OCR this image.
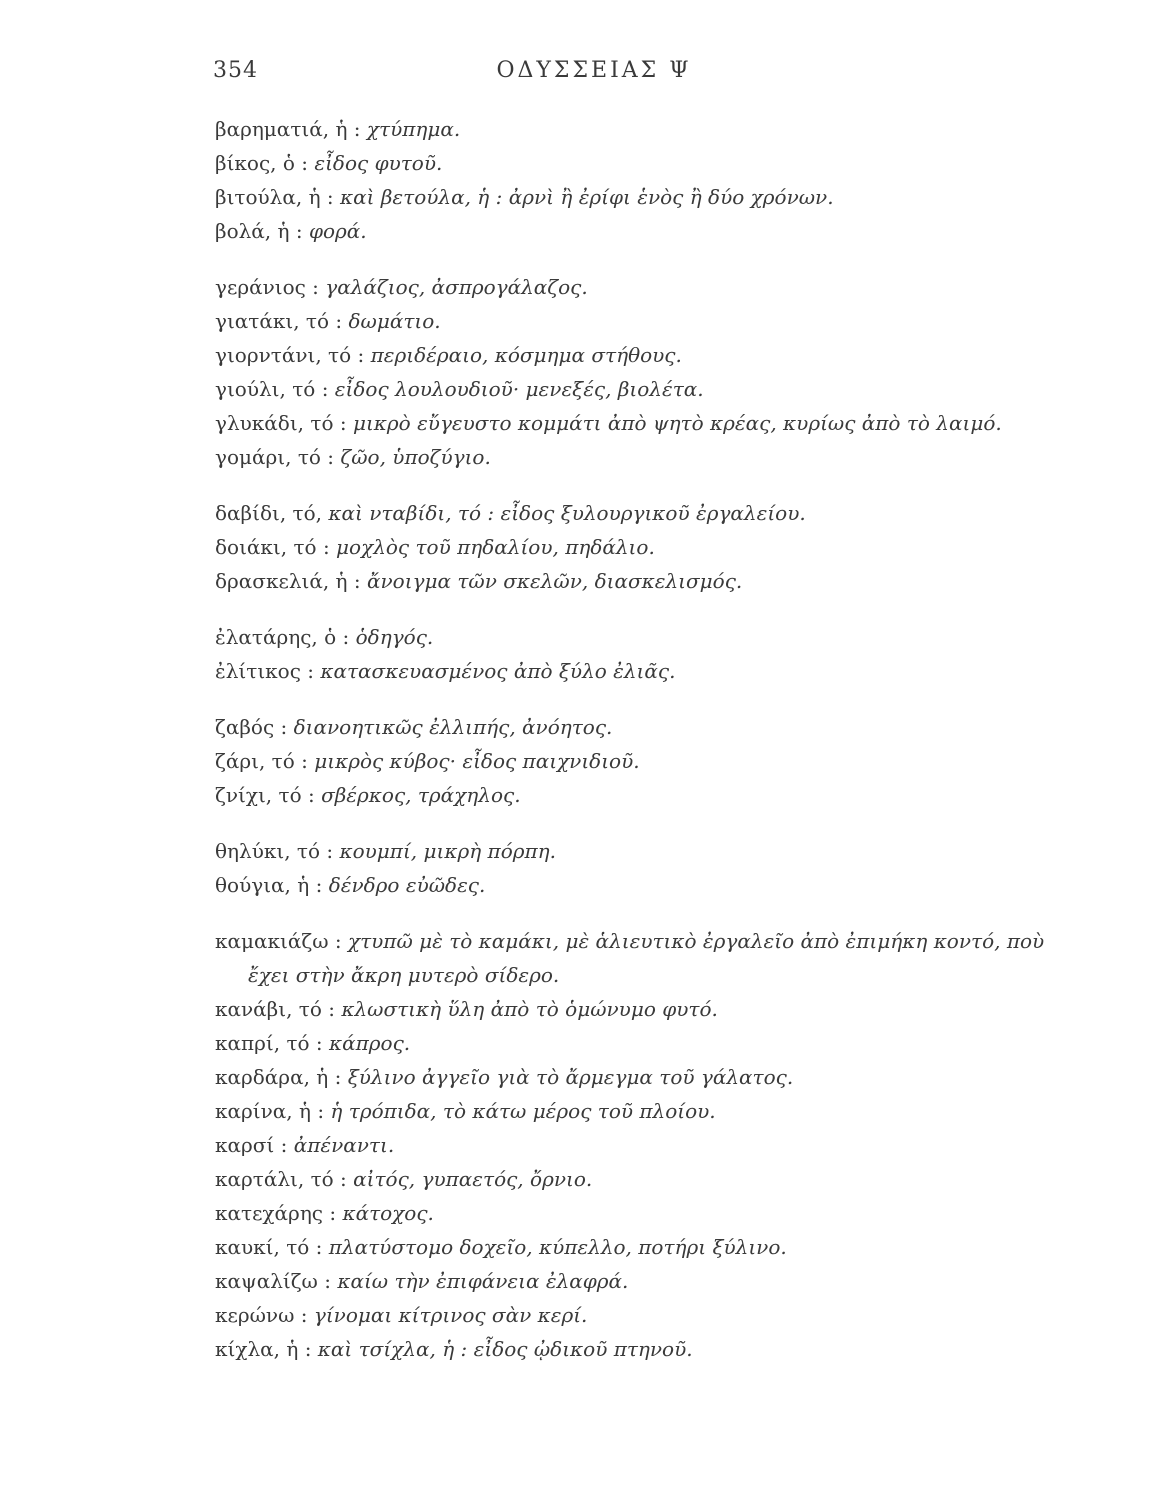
354	ΟΔΥΣΣΕΙΑΣ Ψ
βαρηματιά, ἡ : χτύπημα.
βίκος, ὁ : εἶδος φυτοῦ.
βιτούλα, ἡ : καὶ βετούλα, ἡ : ἀρνὶ ἢ ἐρίφι ἑνὸς ἢ δύο χρόνων.
βολά, ἡ : φορά.
γεράνιος : γαλάζιος, ἀσπρογάλαζος.
γιατάκι, τό : δωμάτιο.
γιορντάνι, τό : περιδέραιο, κόσμημα στήθους.
γιούλι, τό : εἶδος λουλουδιοῦ· μενεξές, βιολέτα.
γλυκάδι, τό : μικρὸ εὔγευστο κομμάτι ἀπὸ ψητὸ κρέας, κυρίως ἀπὸ τὸ λαιμό.
γομάρι, τό : ζῶο, ὑποζύγιο.
δαβίδι, τό, καὶ νταβίδι, τό : εἶδος ξυλουργικοῦ ἐργαλείου.
δοιάκι, τό : μοχλὸς τοῦ πηδαλίου, πηδάλιο.
δρασκελιά, ἡ : ἄνοιγμα τῶν σκελῶν, διασκελισμός.
ἐλατάρης, ὁ : ὁδηγός.
ἐλίτικος : κατασκευασμένος ἀπὸ ξύλο ἐλιᾶς.
ζαβός : διανοητικῶς ἐλλιπής, ἀνόητος.
ζάρι, τό : μικρὸς κύβος· εἶδος παιχνιδιοῦ.
ζνίχι, τό : σβέρκος, τράχηλος.
θηλύκι, τό : κουμπί, μικρὴ πόρπη.
θούγια, ἡ : δένδρο εὐῶδες.
καμακιάζω : χτυπῶ μὲ τὸ καμάκι, μὲ ἁλιευτικὸ ἐργαλεῖο ἀπὸ ἐπιμήκη κοντό, ποὺ
ἔχει στὴν ἄκρη μυτερὸ σίδερο.
κανάβι, τό : κλωστικὴ ὕλη ἀπὸ τὸ ὁμώνυμο φυτό.
καπρί, τό : κάπρος.
καρδάρα, ἡ : ξύλινο ἀγγεῖο γιὰ τὸ ἄρμεγμα τοῦ γάλατος.
καρίνα, ἡ : ἡ τρόπιδα, τὸ κάτω μέρος τοῦ πλοίου.
καρσί : ἀπέναντι.
καρτάλι, τό : αἰτός, γυπαετός, ὄρνιο.
κατεχάρης : κάτοχος.
καυκί, τό : πλατύστομο δοχεῖο, κύπελλο, ποτήρι ξύλινο.
καψαλίζω : καίω τὴν ἐπιφάνεια ἐλαφρά.
κερώνω : γίνομαι κίτρινος σὰν κερί.
κίχλα, ἡ : καὶ τσίχλα, ἡ : εἶδος ᾠδικοῦ πτηνοῦ.
